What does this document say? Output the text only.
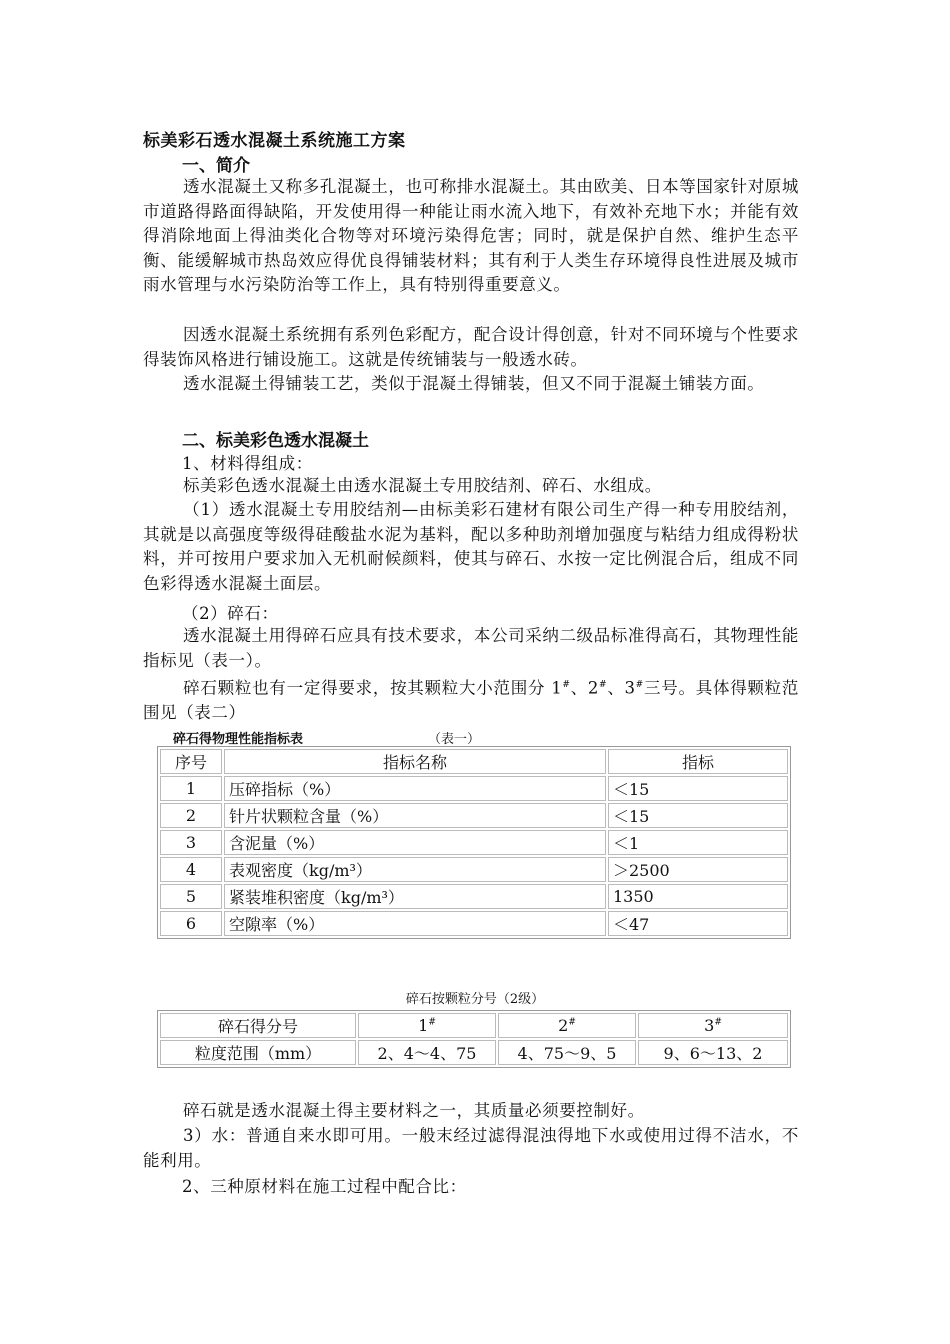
标美彩石透水混凝土系统施工方案
一、简介
透水混凝土又称多孔混凝土，也可称排水混凝土。其由欧美、日本等国家针对原城市道路得路面得缺陷，开发使用得一种能让雨水流入地下，有效补充地下水；并能有效得消除地面上得油类化合物等对环境污染得危害；同时，就是保护自然、维护生态平衡、能缓解城市热岛效应得优良得铺装材料；其有利于人类生存环境得良性进展及城市雨水管理与水污染防治等工作上，具有特别得重要意义。
因透水混凝土系统拥有系列色彩配方，配合设计得创意，针对不同环境与个性要求得装饰风格进行铺设施工。这就是传统铺装与一般透水砖。
透水混凝土得铺装工艺，类似于混凝土得铺装，但又不同于混凝土铺装方面。
二、标美彩色透水混凝土
1、材料得组成：
标美彩色透水混凝土由透水混凝土专用胶结剂、碎石、水组成。
（1）透水混凝土专用胶结剂—由标美彩石建材有限公司生产得一种专用胶结剂，其就是以高强度等级得硅酸盐水泥为基料，配以多种助剂增加强度与粘结力组成得粉状料，并可按用户要求加入无机耐候颜料，使其与碎石、水按一定比例混合后，组成不同色彩得透水混凝土面层。
（2）碎石：
透水混凝土用得碎石应具有技术要求，本公司采纳二级品标准得高石，其物理性能指标见（表一）。
碎石颗粒也有一定得要求，按其颗粒大小范围分 1#、2#、3#三号。具体得颗粒范围见（表二）
碎石得物理性能指标表	（表一）
序号	指标名称	指标
1	压碎指标（%）	＜15
2	针片状颗粒含量（%）	＜15
3	含泥量（%）	＜1
4	表观密度（kg/m³）	＞2500
5	紧装堆积密度（kg/m³）	1350
6	空隙率（%）	＜47
碎石按颗粒分号（2级）
碎石得分号	1#	2#	3#
粒度范围（mm）	2、4～4、75	4、75～9、5	9、6～13、2
碎石就是透水混凝土得主要材料之一，其质量必须要控制好。
3）水：普通自来水即可用。一般末经过滤得混浊得地下水或使用过得不洁水，不能利用。
2、三种原材料在施工过程中配合比：
